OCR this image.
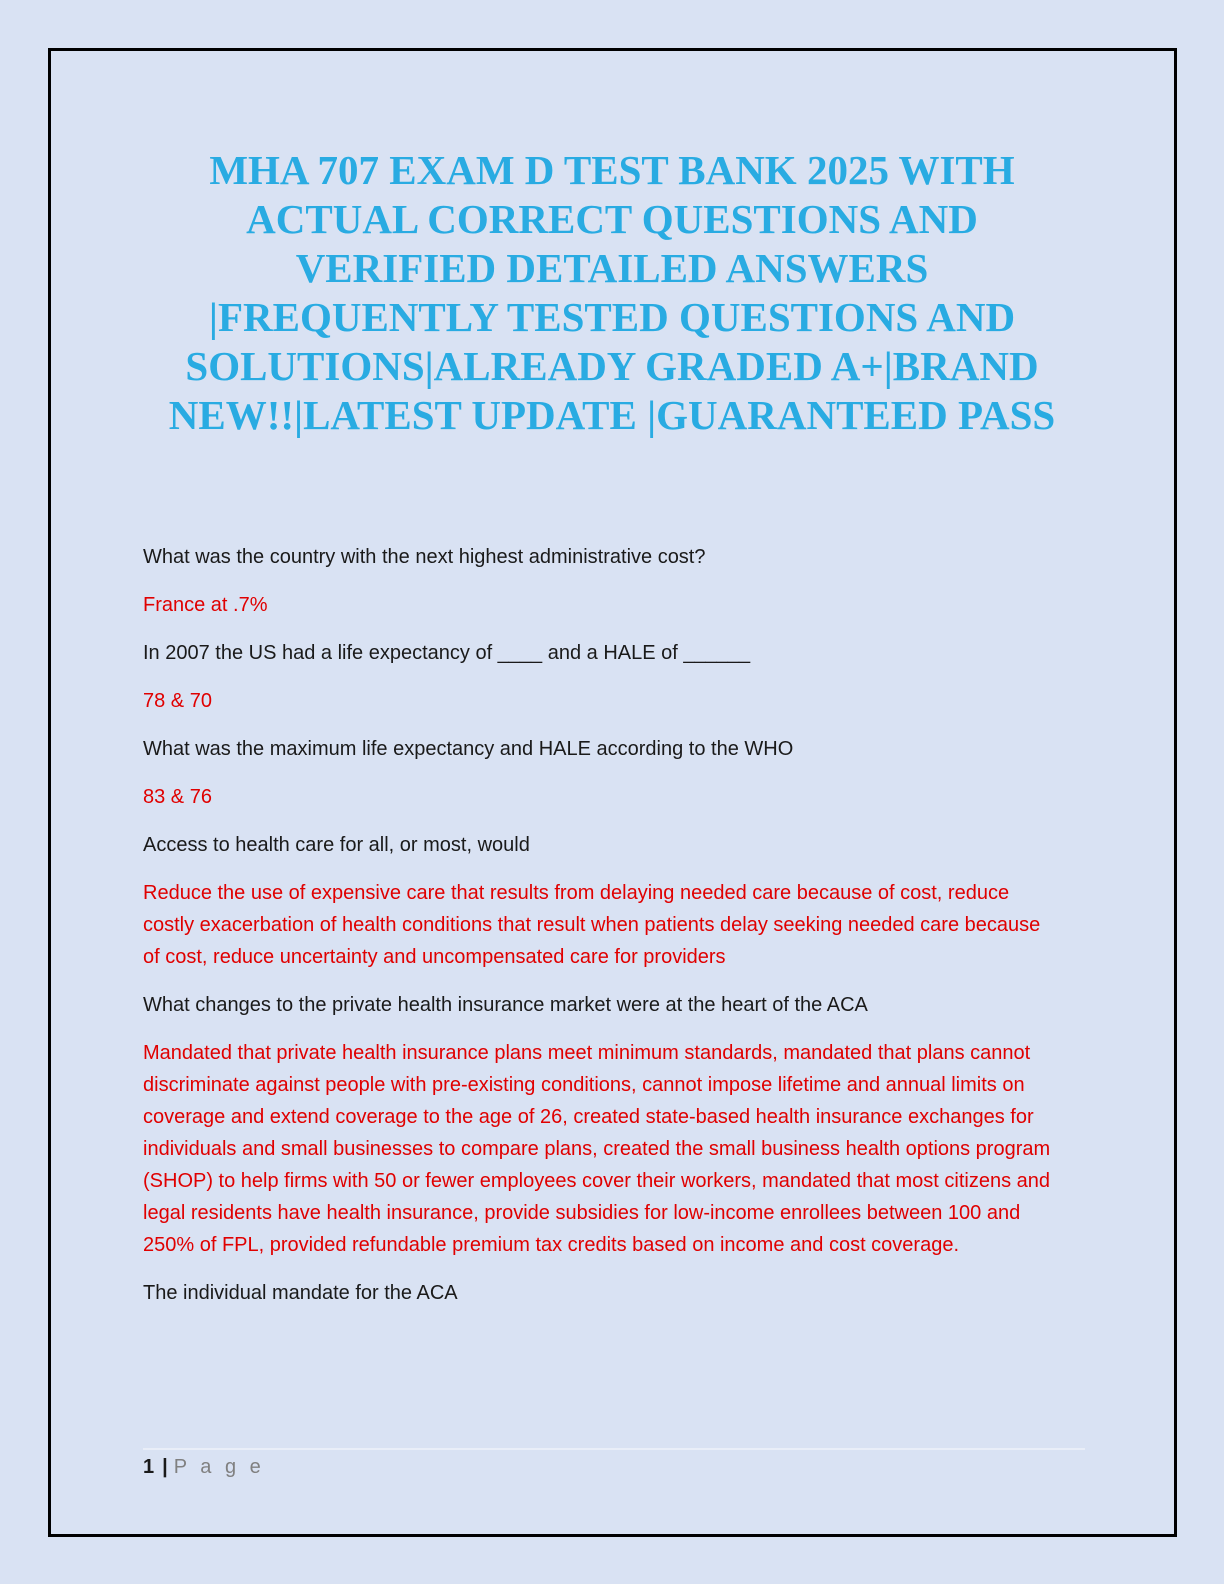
MHA 707 EXAM D TEST BANK 2025 WITH
ACTUAL CORRECT QUESTIONS AND
VERIFIED DETAILED ANSWERS
|FREQUENTLY TESTED QUESTIONS AND
SOLUTIONS|ALREADY GRADED A+|BRAND
NEW!!|LATEST UPDATE |GUARANTEED PASS

What was the country with the next highest administrative cost?

France at .7%

In 2007 the US had a life expectancy of ____ and a HALE of ______

78 & 70

What was the maximum life expectancy and HALE according to the WHO

83 & 76

Access to health care for all, or most, would

Reduce the use of expensive care that results from delaying needed care because of cost, reduce costly exacerbation of health conditions that result when patients delay seeking needed care because of cost, reduce uncertainty and uncompensated care for providers

What changes to the private health insurance market were at the heart of the ACA

Mandated that private health insurance plans meet minimum standards, mandated that plans cannot discriminate against people with pre-existing conditions, cannot impose lifetime and annual limits on coverage and extend coverage to the age of 26, created state-based health insurance exchanges for individuals and small businesses to compare plans, created the small business health options program (SHOP) to help firms with 50 or fewer employees cover their workers, mandated that most citizens and legal residents have health insurance, provide subsidies for low-income enrollees between 100 and 250% of FPL, provided refundable premium tax credits based on income and cost coverage.

The individual mandate for the ACA

1 | P a g e
